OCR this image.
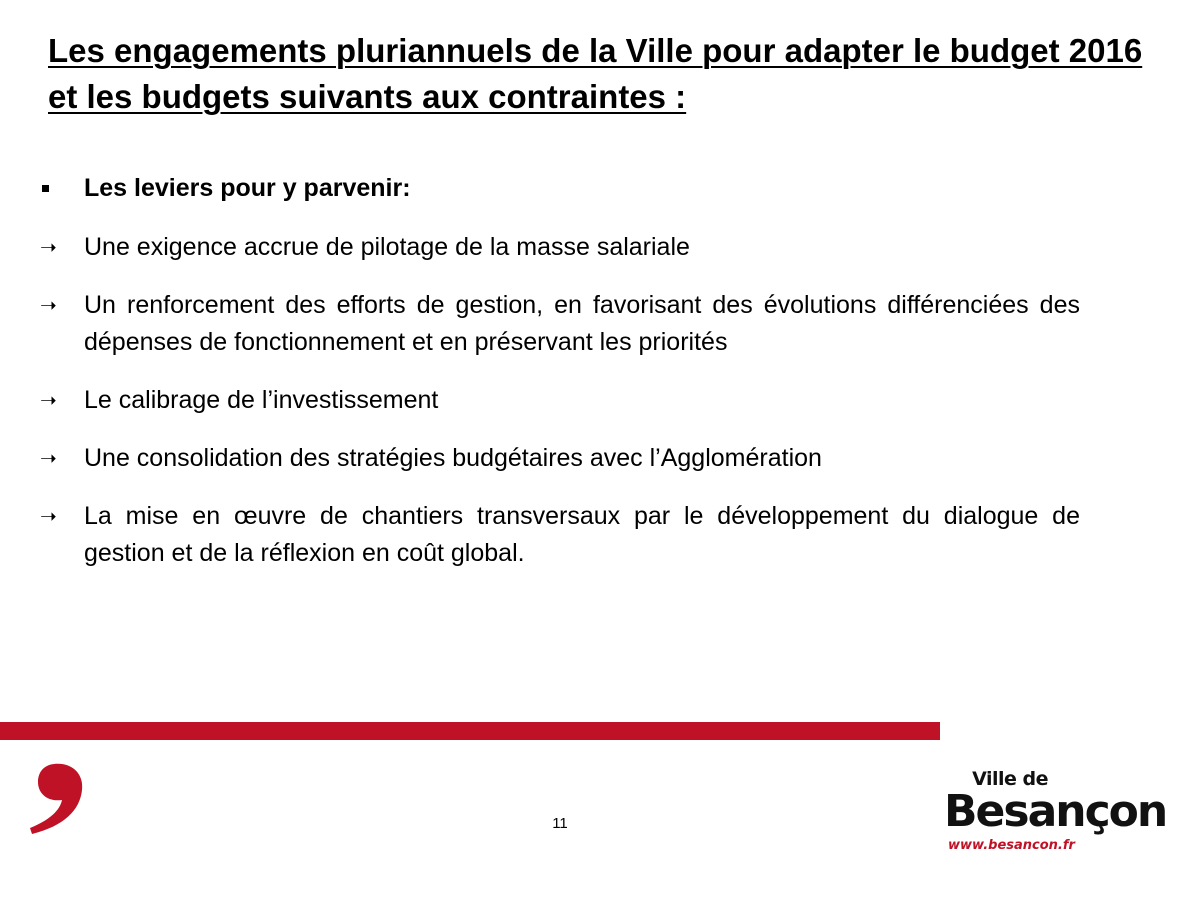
Les engagements pluriannuels de la Ville pour adapter le budget 2016 et les budgets suivants aux contraintes :
Les leviers pour y parvenir:
➝	Une exigence accrue de pilotage de la masse salariale
➝	Un renforcement des efforts de gestion, en favorisant des évolutions différenciées des dépenses de fonctionnement et en préservant les priorités
➝	Le calibrage de l’investissement
➝	Une consolidation des stratégies budgétaires avec l’Agglomération
➝	La mise en œuvre de chantiers transversaux par le développement du dialogue de gestion et de la réflexion en coût global.
11
Ville de
Besançon
www.besancon.fr
